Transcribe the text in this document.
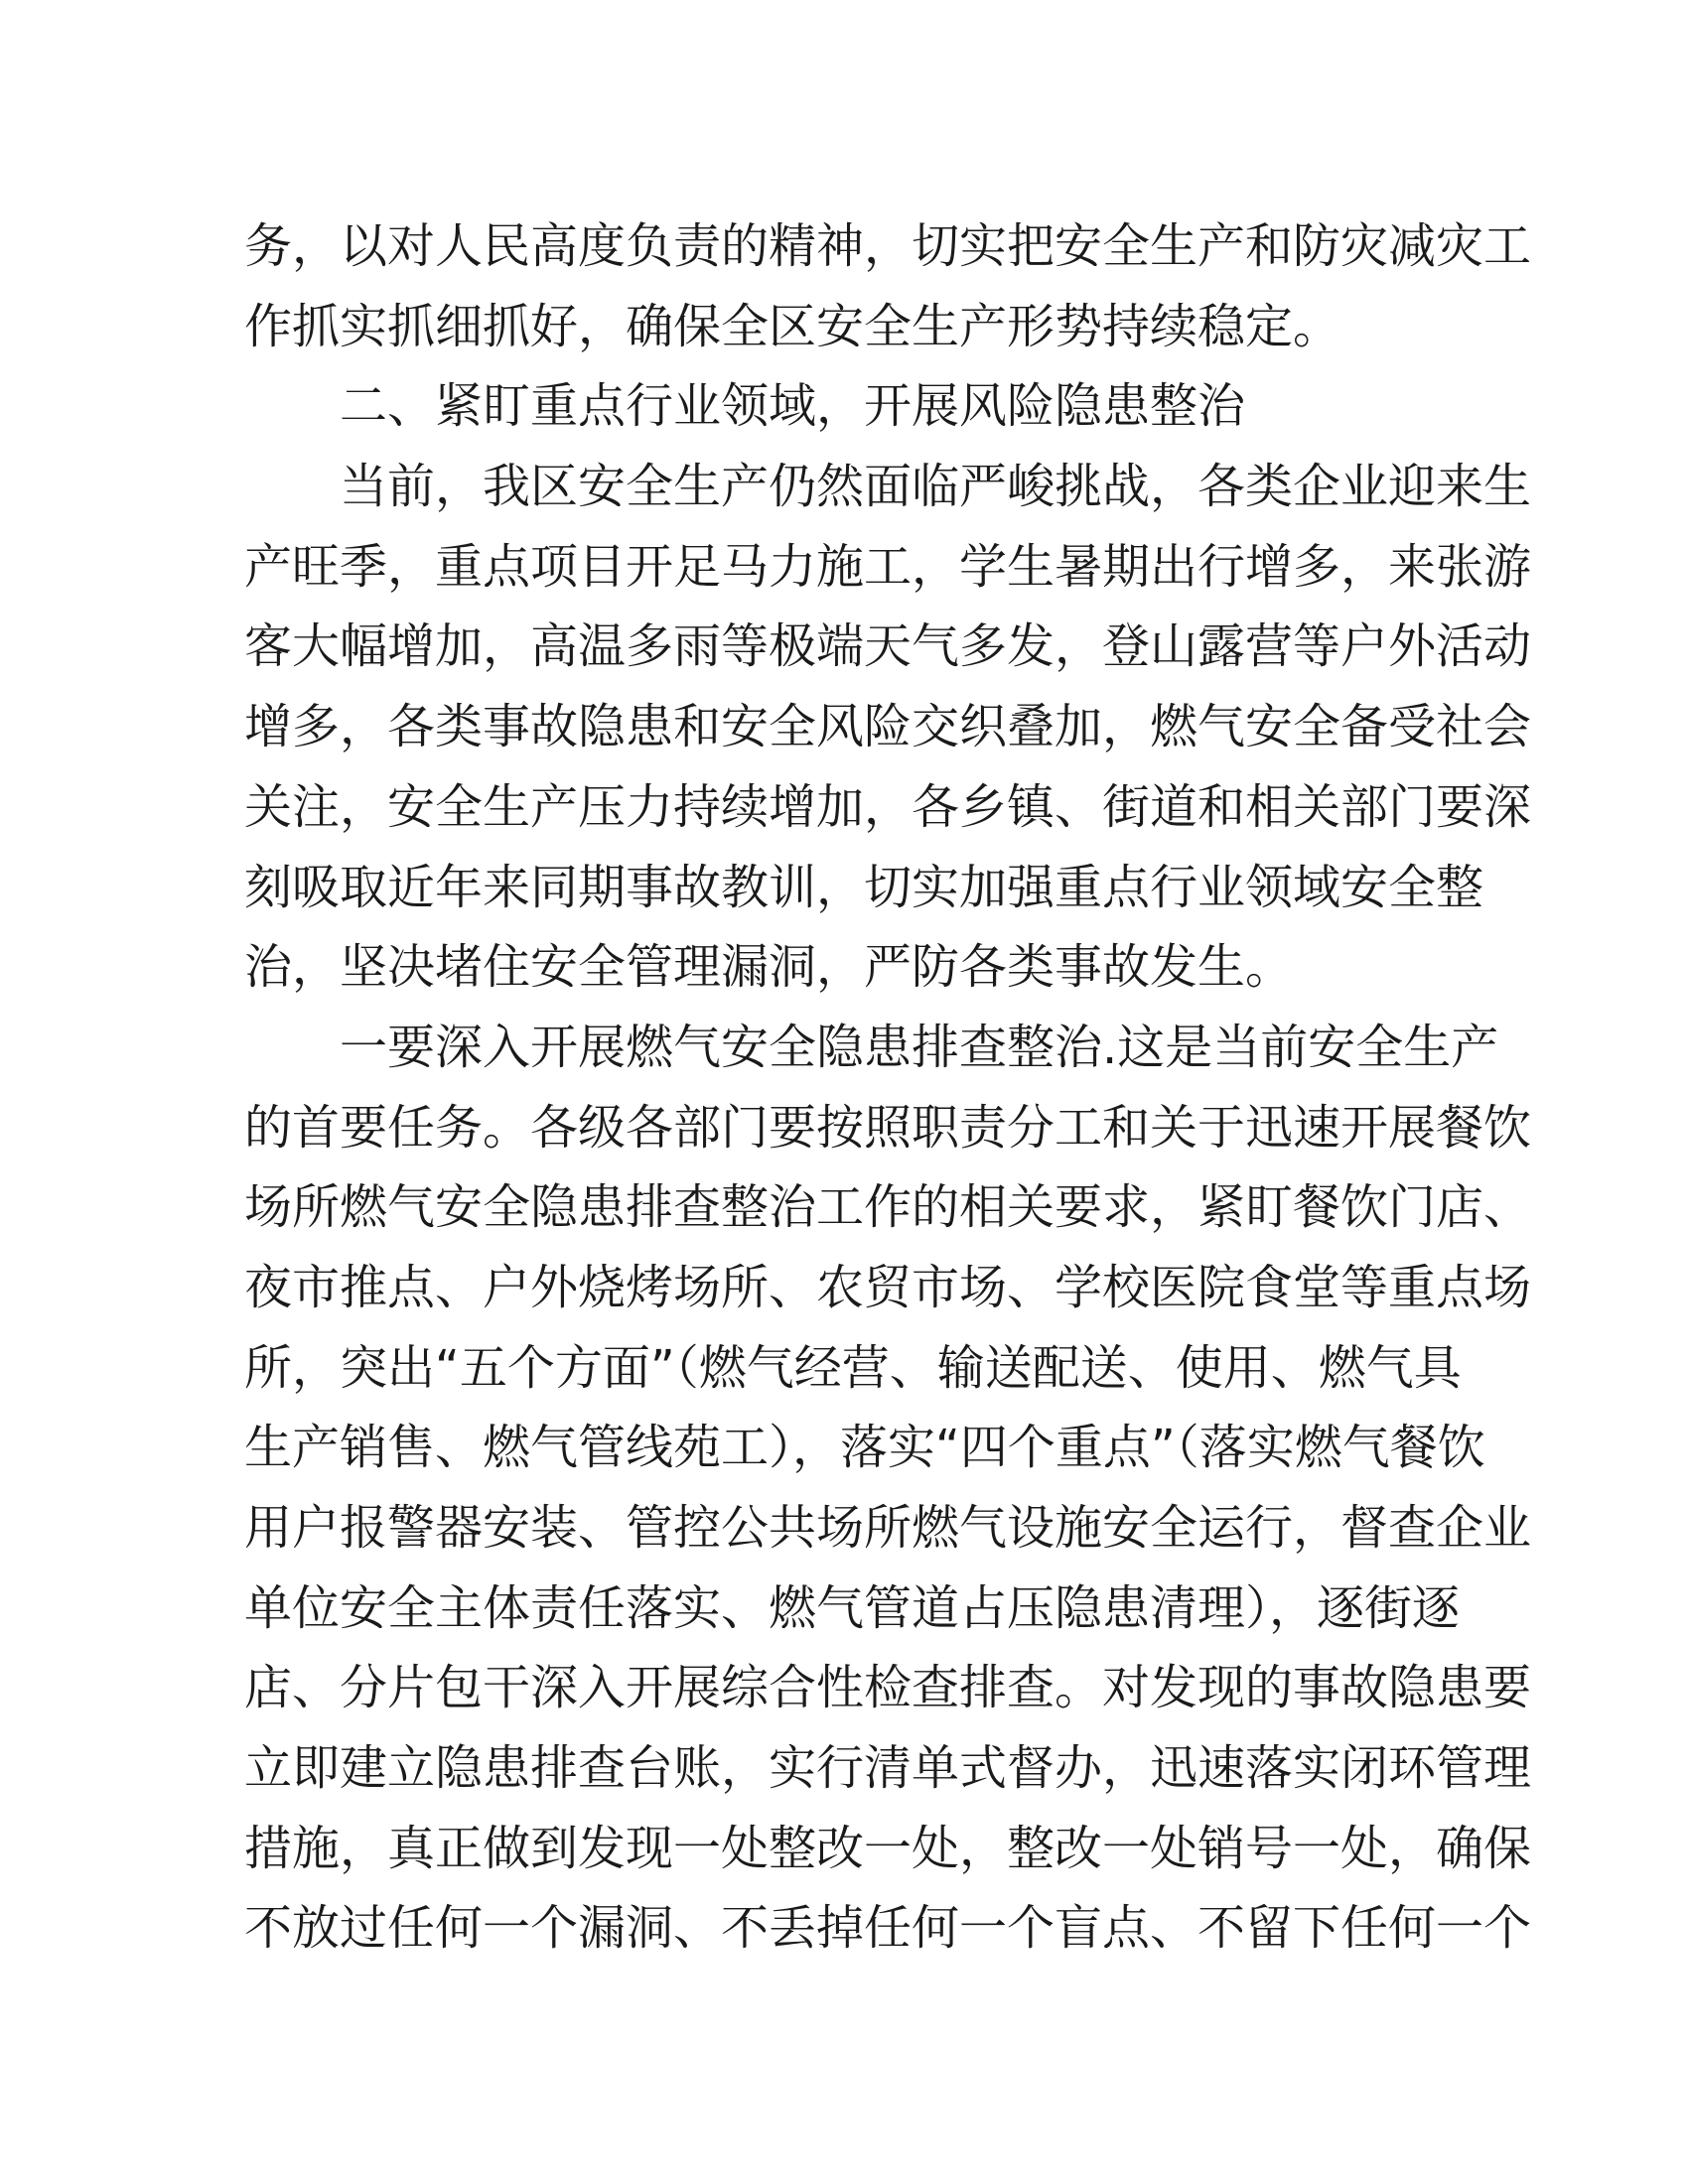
务，以对人民高度负责的精神，切实把安全生产和防灾减灾工
作抓实抓细抓好，确保全区安全生产形势持续稳定。
二、紧盯重点行业领域，开展风险隐患整治
当前，我区安全生产仍然面临严峻挑战，各类企业迎来生
产旺季，重点项目开足马力施工，学生暑期出行增多，来张游
客大幅增加，高温多雨等极端天气多发，登山露营等户外活动
增多，各类事故隐患和安全风险交织叠加，燃气安全备受社会
关注，安全生产压力持续增加，各乡镇、街道和相关部门要深
刻吸取近年来同期事故教训，切实加强重点行业领域安全整
治，坚决堵住安全管理漏洞，严防各类事故发生。
一要深入开展燃气安全隐患排查整治.这是当前安全生产
的首要任务。各级各部门要按照职责分工和关于迅速开展餐饮
场所燃气安全隐患排查整治工作的相关要求，紧盯餐饮门店、
夜市推点、户外烧烤场所、农贸市场、学校医院食堂等重点场
所，突出“五个方面”（燃气经营、输送配送、使用、燃气具
生产销售、燃气管线苑工），落实“四个重点”（落实燃气餐饮
用户报警器安装、管控公共场所燃气设施安全运行，督查企业
单位安全主体责任落实、燃气管道占压隐患清理），逐街逐
店、分片包干深入开展综合性检查排查。对发现的事故隐患要
立即建立隐患排查台账，实行清单式督办，迅速落实闭环管理
措施，真正做到发现一处整改一处，整改一处销号一处，确保
不放过任何一个漏洞、不丢掉任何一个盲点、不留下任何一个
